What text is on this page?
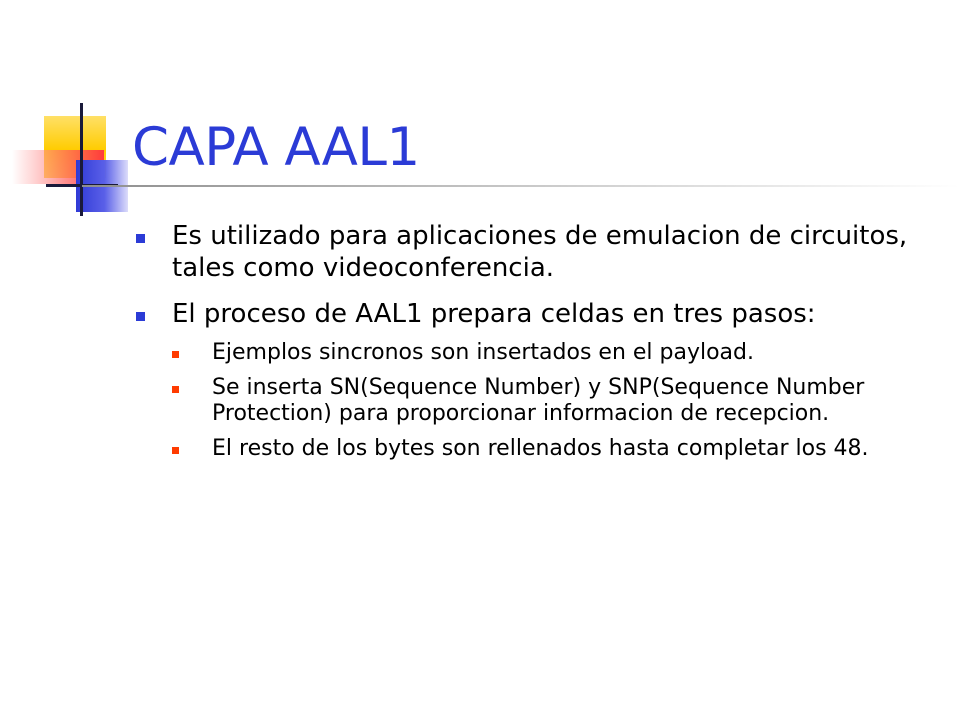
CAPA AAL1
Es utilizado para aplicaciones de emulacion de circuitos, tales como videoconferencia.
El proceso de AAL1 prepara celdas en tres pasos:
Ejemplos sincronos son insertados en el payload.
Se inserta SN(Sequence Number) y SNP(Sequence Number Protection) para proporcionar informacion de recepcion.
El resto de los bytes son rellenados hasta completar los 48.
